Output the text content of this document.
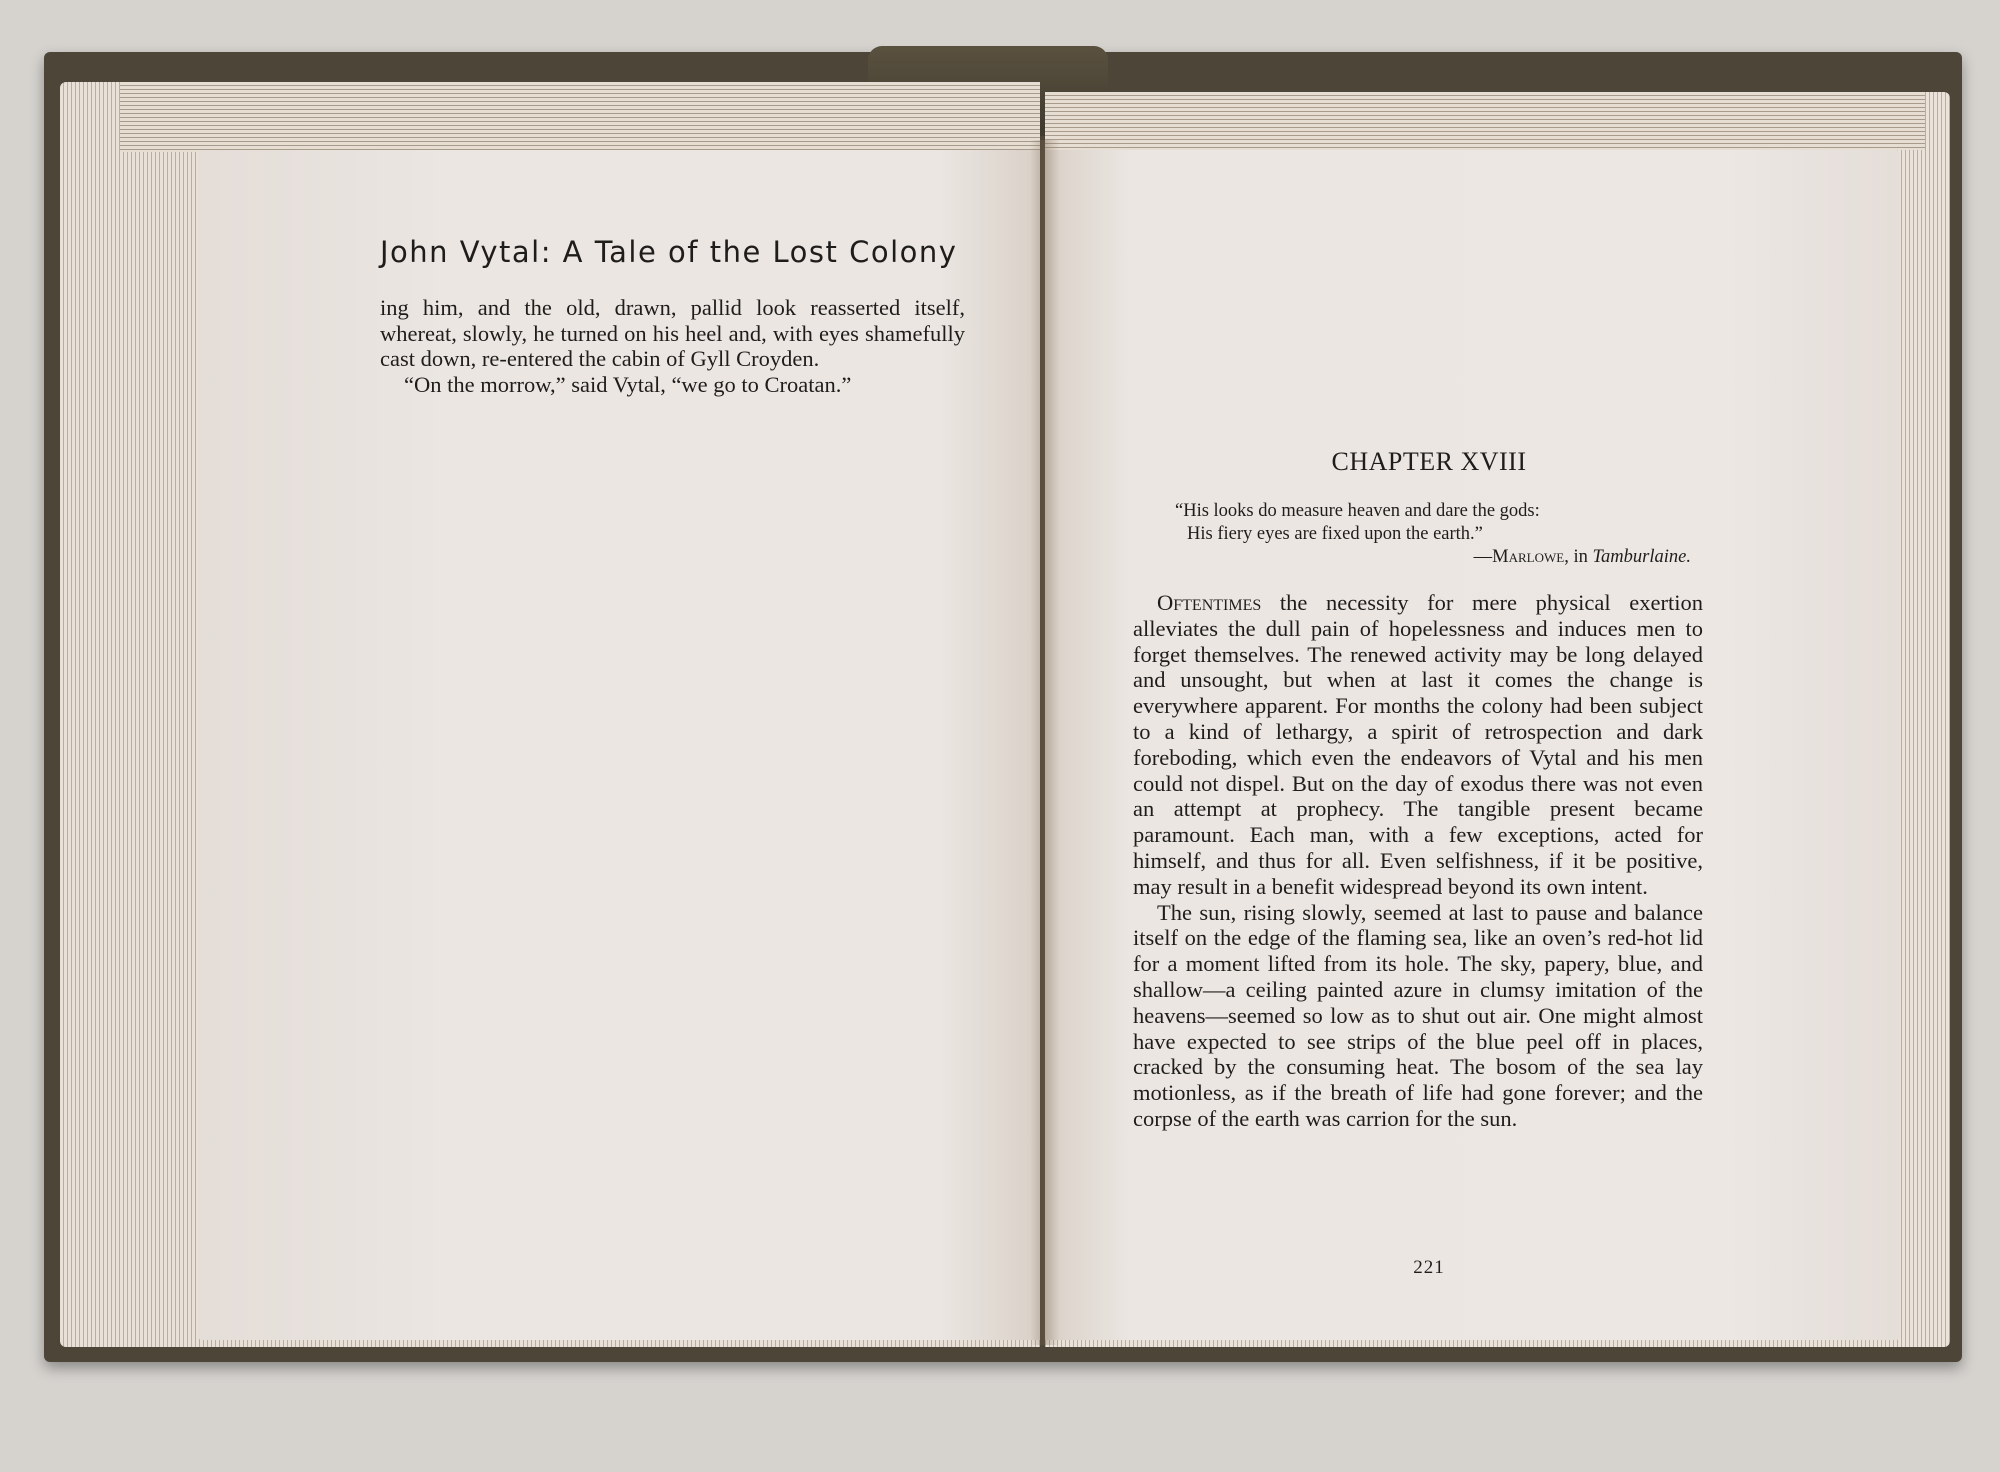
John Vytal: A Tale of the Lost Colony

ing him, and the old, drawn, pallid look reasserted itself, whereat, slowly, he turned on his heel and, with eyes shamefully cast down, re-entered the cabin of Gyll Croyden.

“On the morrow,” said Vytal, “we go to Croatan.”

CHAPTER XVIII
“His looks do measure heaven and dare the gods:
His fiery eyes are fixed upon the earth.”
—Marlowe, in Tamburlaine.

Oftentimes the necessity for mere physical exertion alleviates the dull pain of hopelessness and induces men to forget themselves. The renewed activity may be long delayed and unsought, but when at last it comes the change is everywhere apparent. For months the colony had been subject to a kind of lethargy, a spirit of retrospection and dark foreboding, which even the endeavors of Vytal and his men could not dispel. But on the day of exodus there was not even an attempt at prophecy. The tangible present became paramount. Each man, with a few exceptions, acted for himself, and thus for all. Even selfishness, if it be positive, may result in a benefit widespread beyond its own intent.

The sun, rising slowly, seemed at last to pause and balance itself on the edge of the flaming sea, like an oven’s red-hot lid for a moment lifted from its hole. The sky, papery, blue, and shallow—a ceiling painted azure in clumsy imitation of the heavens—seemed so low as to shut out air. One might almost have expected to see strips of the blue peel off in places, cracked by the consuming heat. The bosom of the sea lay motionless, as if the breath of life had gone forever; and the corpse of the earth was carrion for the sun.

221
